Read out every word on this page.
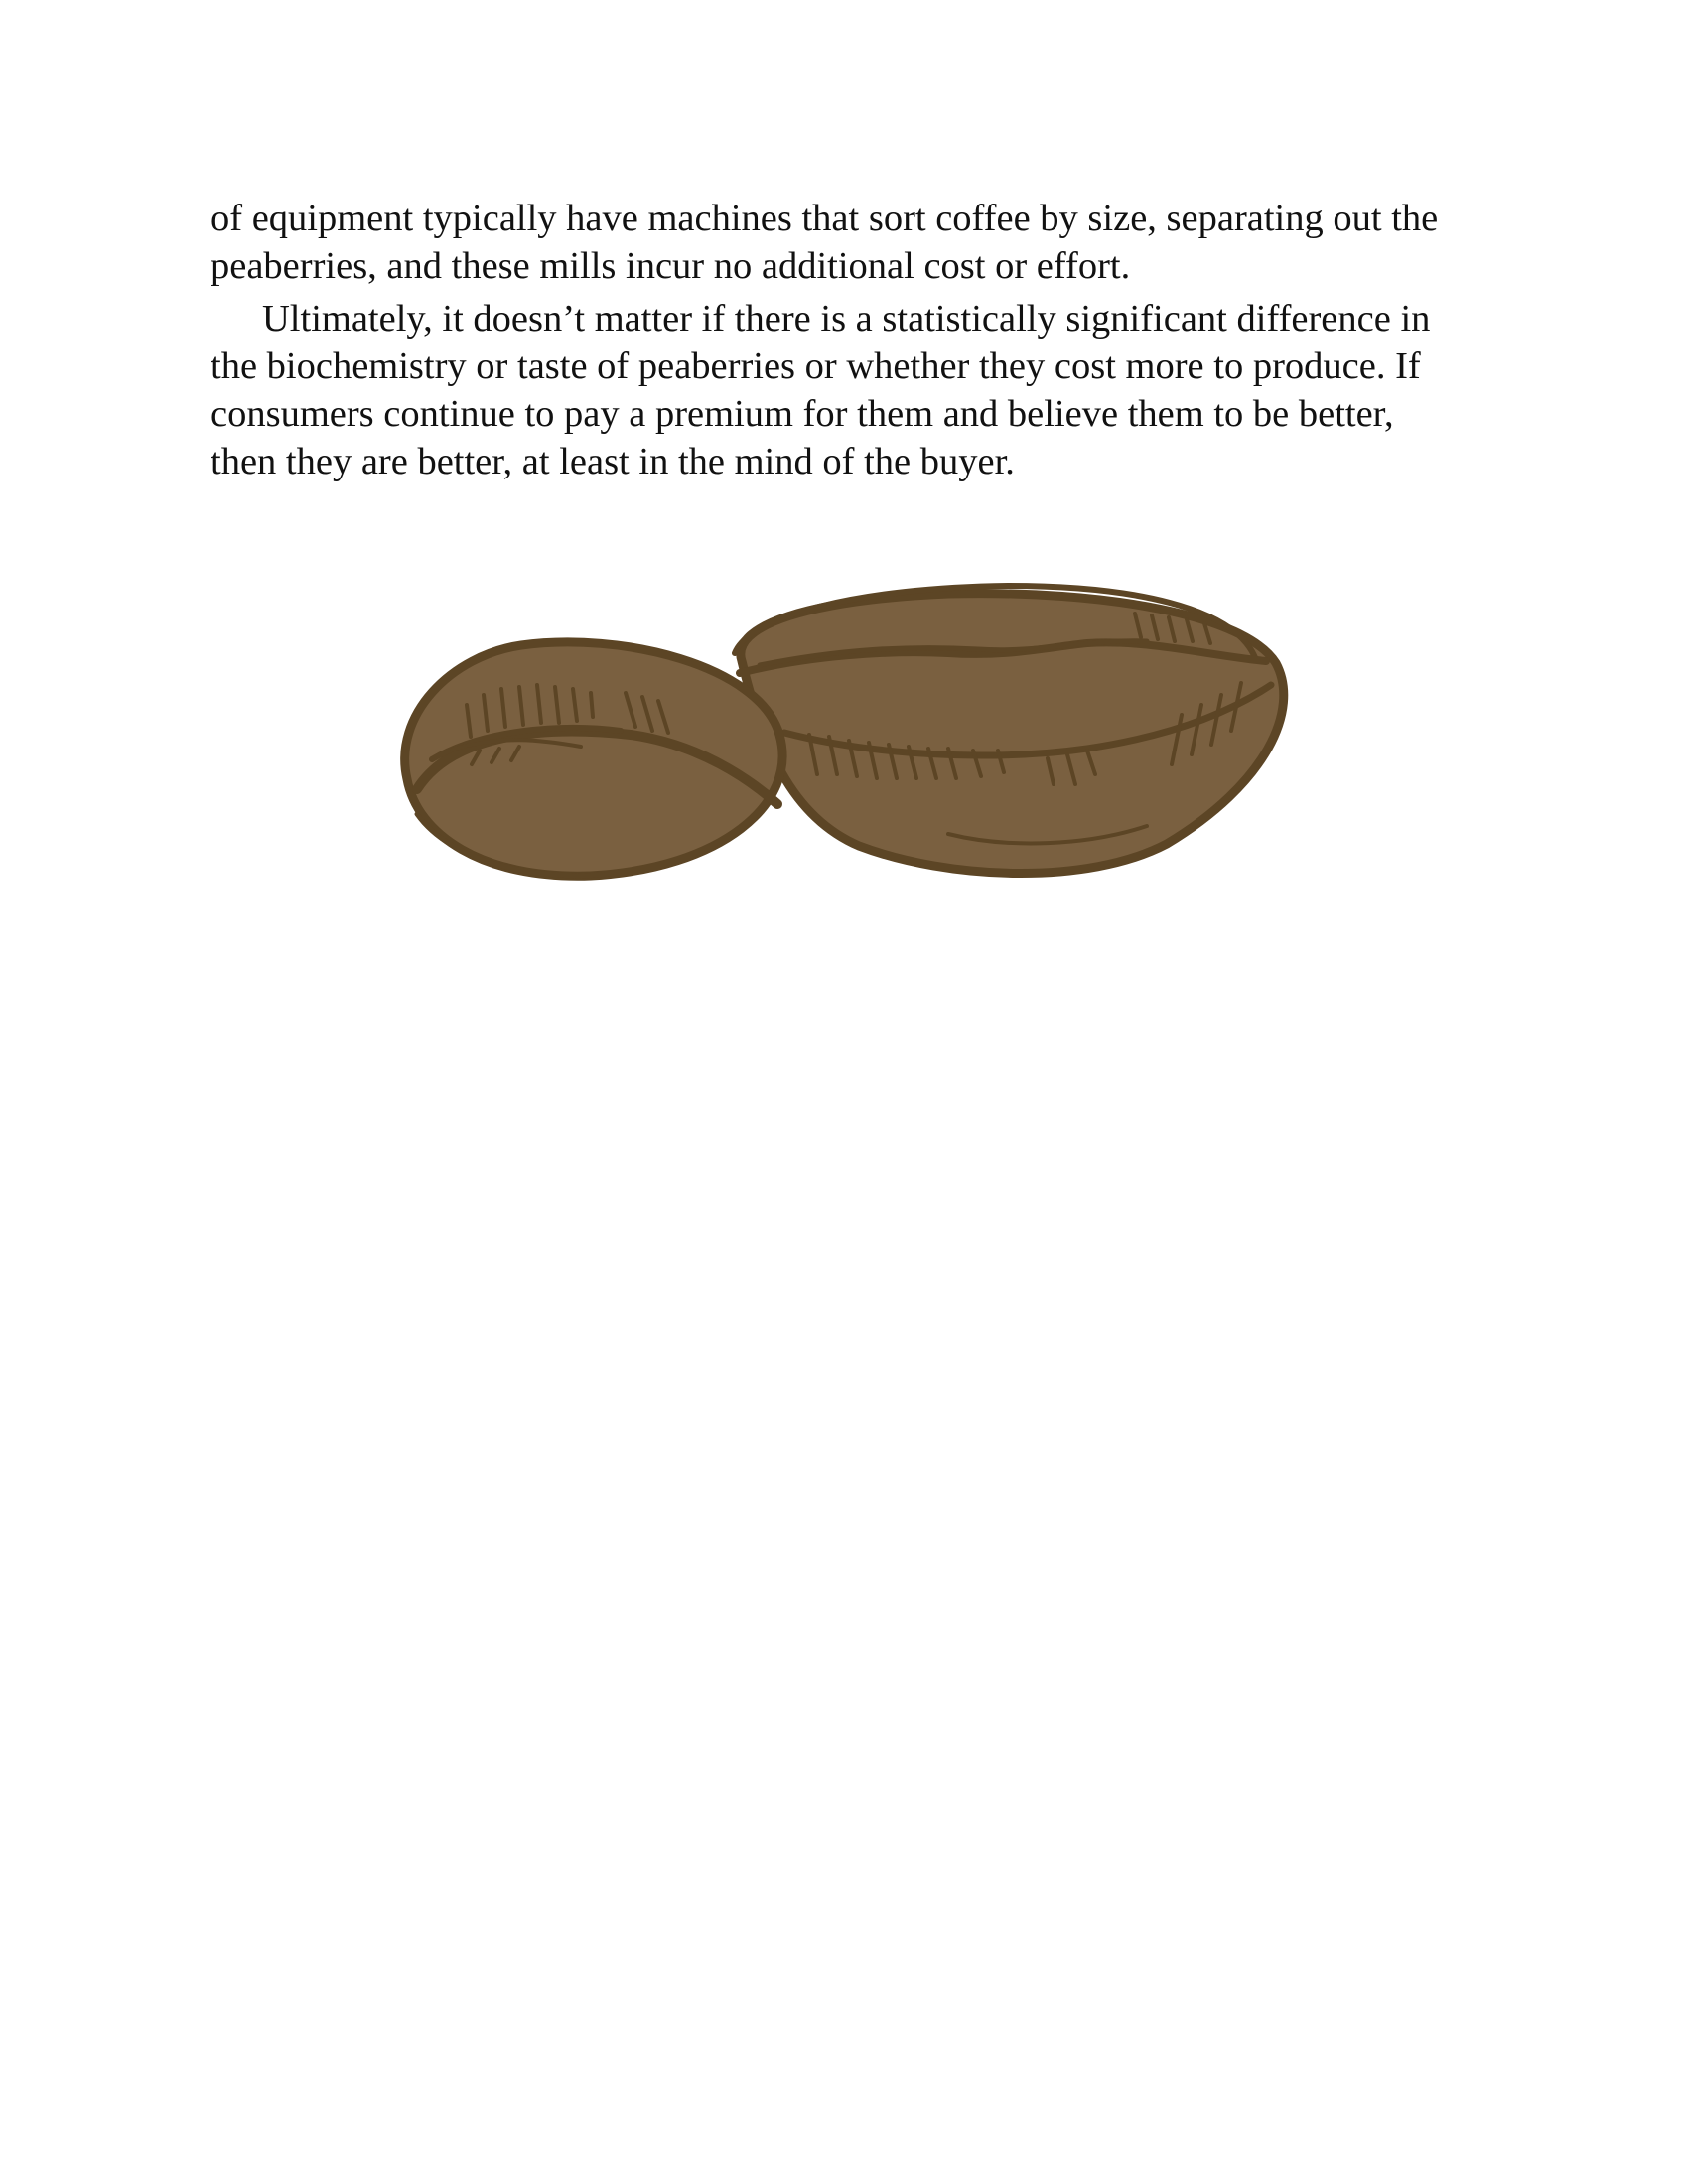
of equipment typically have machines that sort coffee by size, separating out the peaberries, and these mills incur no additional cost or effort.

Ultimately, it doesn’t matter if there is a statistically significant difference in the biochemistry or taste of peaberries or whether they cost more to produce. If consumers continue to pay a premium for them and believe them to be better, then they are better, at least in the mind of the buyer.
